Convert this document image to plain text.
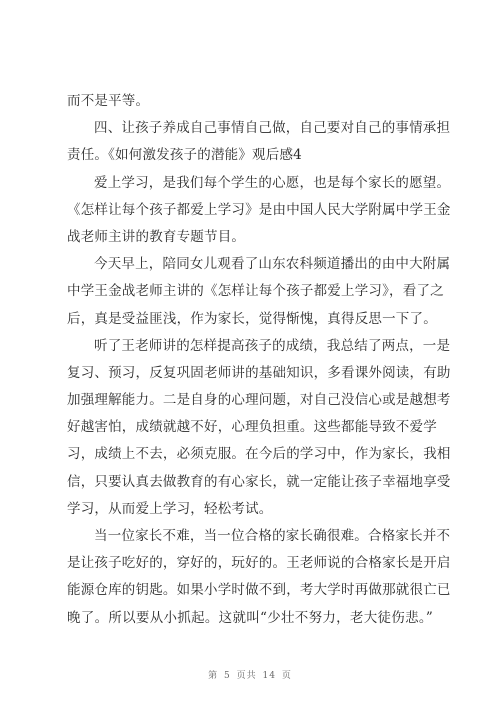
而不是平等。
四、让孩子养成自己事情自己做，自己要对自己的事情承担
责任。《如何激发孩子的潜能》观后感4
爱上学习，是我们每个学生的心愿，也是每个家长的愿望。
《怎样让每个孩子都爱上学习》是由中国人民大学附属中学王金
战老师主讲的教育专题节目。
今天早上，陪同女儿观看了山东农科频道播出的由中大附属
中学王金战老师主讲的《怎样让每个孩子都爱上学习》，看了之
后，真是受益匪浅，作为家长，觉得惭愧，真得反思一下了。
听了王老师讲的怎样提高孩子的成绩，我总结了两点，一是
复习、预习，反复巩固老师讲的基础知识，多看课外阅读，有助
加强理解能力。二是自身的心理问题，对自己没信心或是越想考
好越害怕，成绩就越不好，心理负担重。这些都能导致不爱学
习，成绩上不去，必须克服。在今后的学习中，作为家长，我相
信，只要认真去做教育的有心家长，就一定能让孩子幸福地享受
学习，从而爱上学习，轻松考试。
当一位家长不难，当一位合格的家长确很难。合格家长并不
是让孩子吃好的，穿好的，玩好的。王老师说的合格家长是开启
能源仓库的钥匙。如果小学时做不到，考大学时再做那就很亡已
晚了。所以要从小抓起。这就叫“少壮不努力，老大徒伤悲。”
第 5 页共 14 页
